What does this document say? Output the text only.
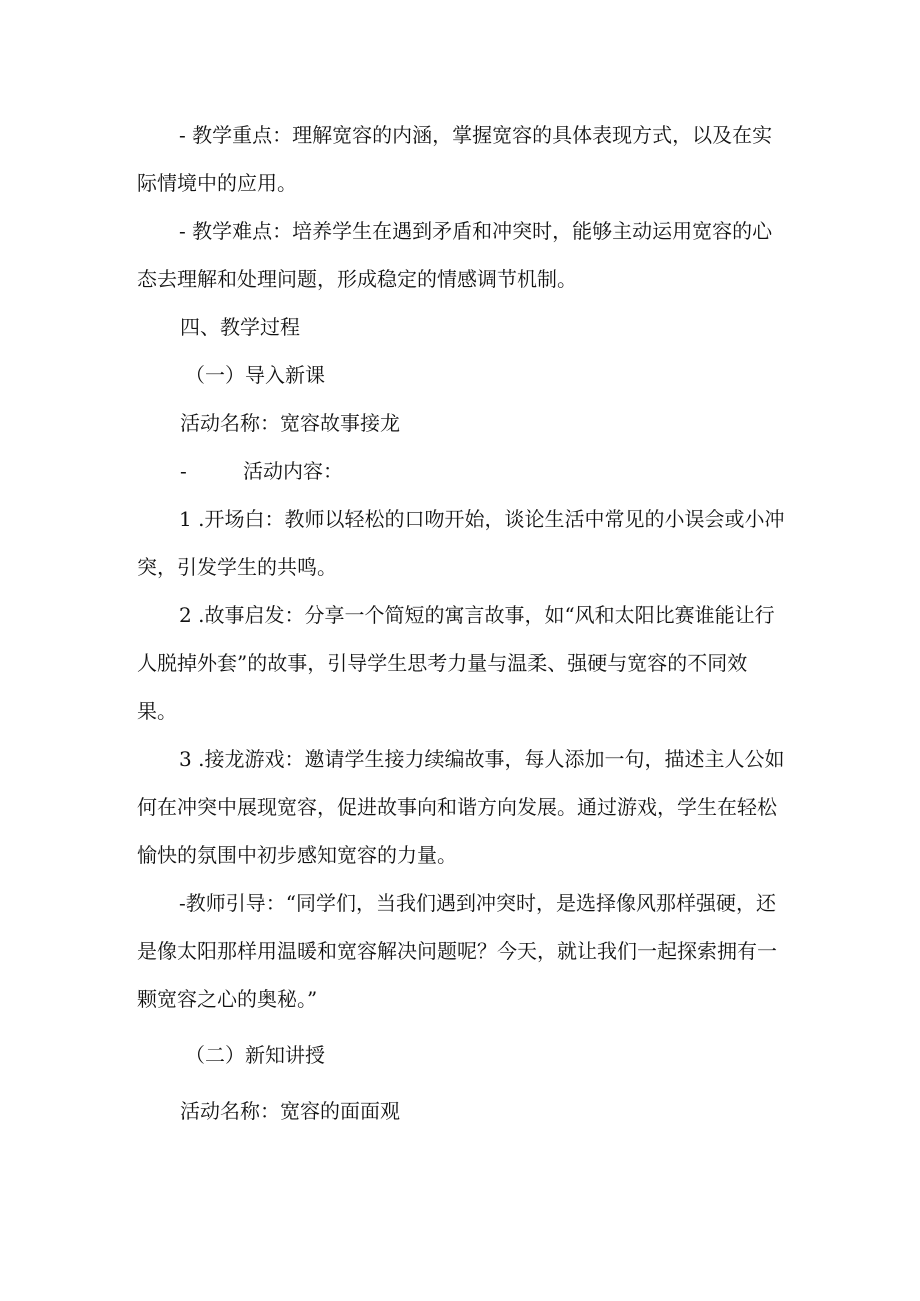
- 教学重点：理解宽容的内涵，掌握宽容的具体表现方式，以及在实际情境中的应用。

- 教学难点：培养学生在遇到矛盾和冲突时，能够主动运用宽容的心态去理解和处理问题，形成稳定的情感调节机制。

四、教学过程

（一）导入新课

活动名称：宽容故事接龙

-	活动内容：

1 .开场白：教师以轻松的口吻开始，谈论生活中常见的小误会或小冲突，引发学生的共鸣。

2 .故事启发：分享一个简短的寓言故事，如“风和太阳比赛谁能让行人脱掉外套”的故事，引导学生思考力量与温柔、强硬与宽容的不同效果。

3 .接龙游戏：邀请学生接力续编故事，每人添加一句，描述主人公如何在冲突中展现宽容，促进故事向和谐方向发展。通过游戏，学生在轻松愉快的氛围中初步感知宽容的力量。

-教师引导：“同学们，当我们遇到冲突时，是选择像风那样强硬，还是像太阳那样用温暖和宽容解决问题呢？今天，就让我们一起探索拥有一颗宽容之心的奥秘。”

（二）新知讲授

活动名称：宽容的面面观
